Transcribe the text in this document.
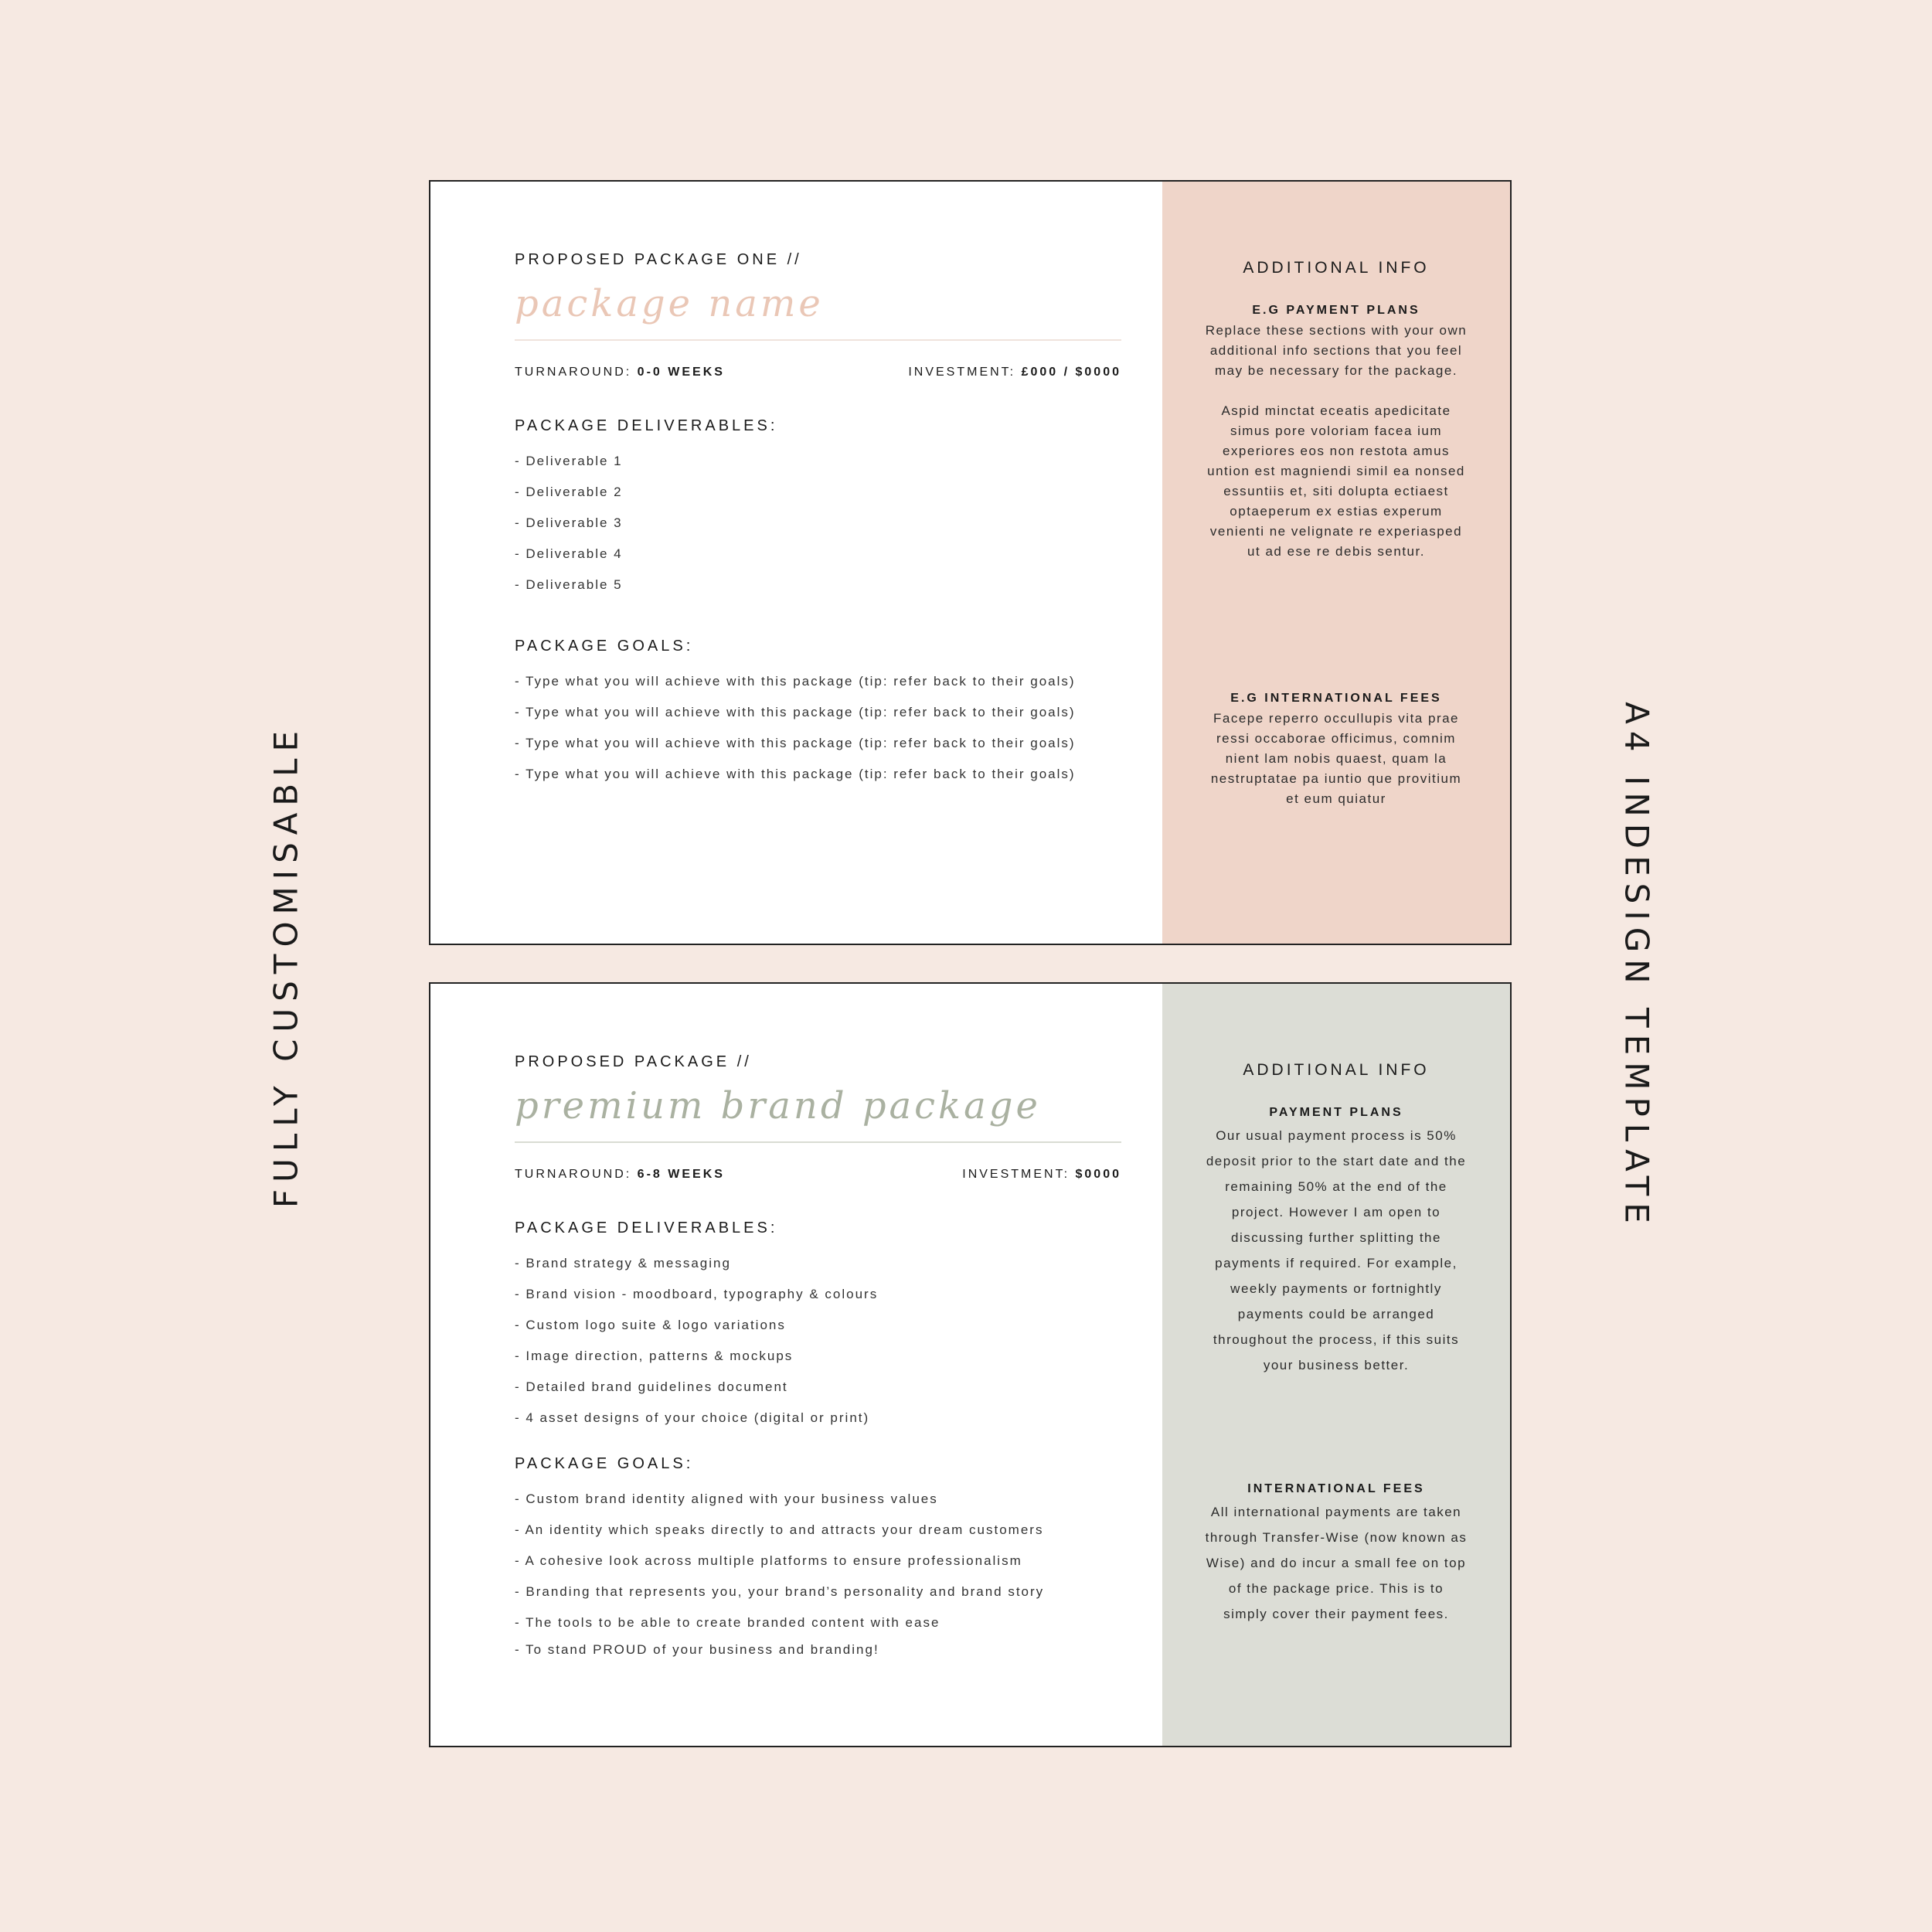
FULLY CUSTOMISABLE	A4 INDESIGN TEMPLATE

PROPOSED PACKAGE ONE //

package name
TURNAROUND: 0-0 WEEKS	INVESTMENT: £000 / $0000
PACKAGE DELIVERABLES:
- Deliverable 1
- Deliverable 2
- Deliverable 3
- Deliverable 4
- Deliverable 5
PACKAGE GOALS:
- Type what you will achieve with this package (tip: refer back to their goals)
- Type what you will achieve with this package (tip: refer back to their goals)
- Type what you will achieve with this package (tip: refer back to their goals)
- Type what you will achieve with this package (tip: refer back to their goals)

ADDITIONAL INFO

E.G PAYMENT PLANS

Replace these sections with your own additional info sections that you feel may be necessary for the package.

Aspid minctat eceatis apedicitate simus pore voloriam facea ium experiores eos non restota amus untion est magniendi simil ea nonsed essuntiis et, siti dolupta ectiaest optaeperum ex estias experum venienti ne velignate re experiasped ut ad ese re debis sentur.

E.G INTERNATIONAL FEES

Facepe reperro occullupis vita prae ressi occaborae officimus, comnim nient lam nobis quaest, quam la nestruptatae pa iuntio que provitium et eum quiatur

PROPOSED PACKAGE //

premium brand package
TURNAROUND: 6-8 WEEKS	INVESTMENT: $0000
PACKAGE DELIVERABLES:
- Brand strategy & messaging
- Brand vision - moodboard, typography & colours
- Custom logo suite & logo variations
- Image direction, patterns & mockups
- Detailed brand guidelines document
- 4 asset designs of your choice (digital or print)
PACKAGE GOALS:
- Custom brand identity aligned with your business values
- An identity which speaks directly to and attracts your dream customers
- A cohesive look across multiple platforms to ensure professionalism
- Branding that represents you, your brand’s personality and brand story
- The tools to be able to create branded content with ease
- To stand PROUD of your business and branding!

ADDITIONAL INFO

PAYMENT PLANS

Our usual payment process is 50% deposit prior to the start date and the remaining 50% at the end of the project. However I am open to discussing further splitting the payments if required. For example, weekly payments or fortnightly payments could be arranged throughout the process, if this suits your business better.

INTERNATIONAL FEES

All international payments are taken through Transfer-Wise (now known as Wise) and do incur a small fee on top of the package price. This is to simply cover their payment fees.
